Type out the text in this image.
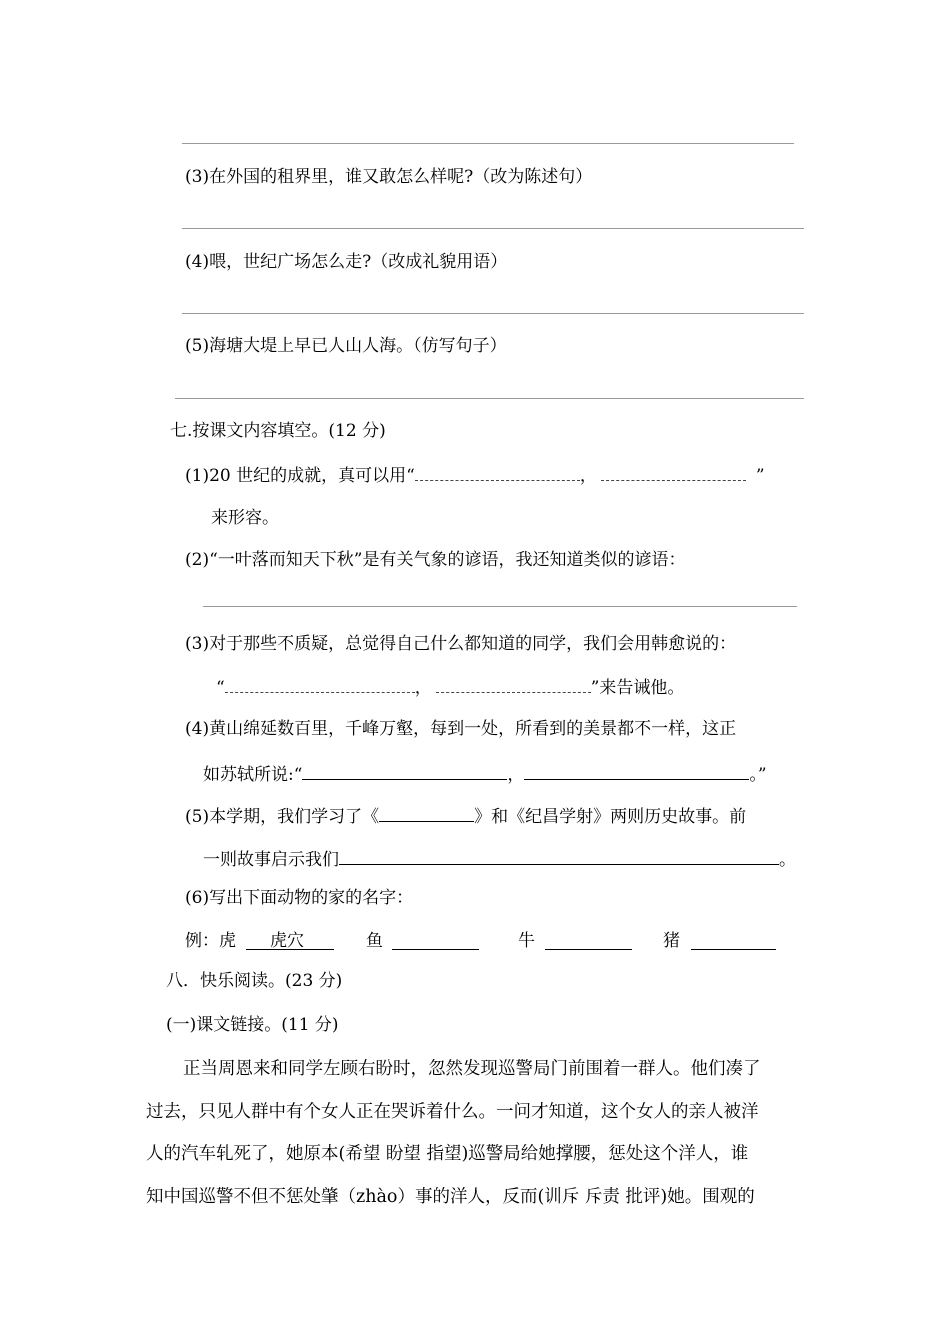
(3)在外国的租界里，谁又敢怎么样呢?（改为陈述句）
(4)喂，世纪广场怎么走?（改成礼貌用语）
(5)海塘大堤上早已人山人海。（仿写句子）
七.按课文内容填空。(12 分)
(1)20 世纪的成就，真可以用“	，	”
来形容。
(2)“一叶落而知天下秋”是有关气象的谚语，我还知道类似的谚语：
(3)对于那些不质疑，总觉得自己什么都知道的同学，我们会用韩愈说的：
“	，	”来告诫他。
(4)黄山绵延数百里，千峰万壑，每到一处，所看到的美景都不一样，这正
如苏轼所说:“	，	。”
(5)本学期，我们学习了《	》和《纪昌学射》两则历史故事。前
一则故事启示我们	。
(6)写出下面动物的家的名字：
例：虎 虎穴	鱼	牛	猪
八．快乐阅读。(23 分)
(一)课文链接。(11 分)
正当周恩来和同学左顾右盼时，忽然发现巡警局门前围着一群人。他们凑了
过去，只见人群中有个女人正在哭诉着什么。一问才知道，这个女人的亲人被洋
人的汽车轧死了，她原本(希望 盼望 指望)巡警局给她撑腰，惩处这个洋人，谁
知中国巡警不但不惩处肇（zhào）事的洋人，反而(训斥 斥责 批评)她。围观的
